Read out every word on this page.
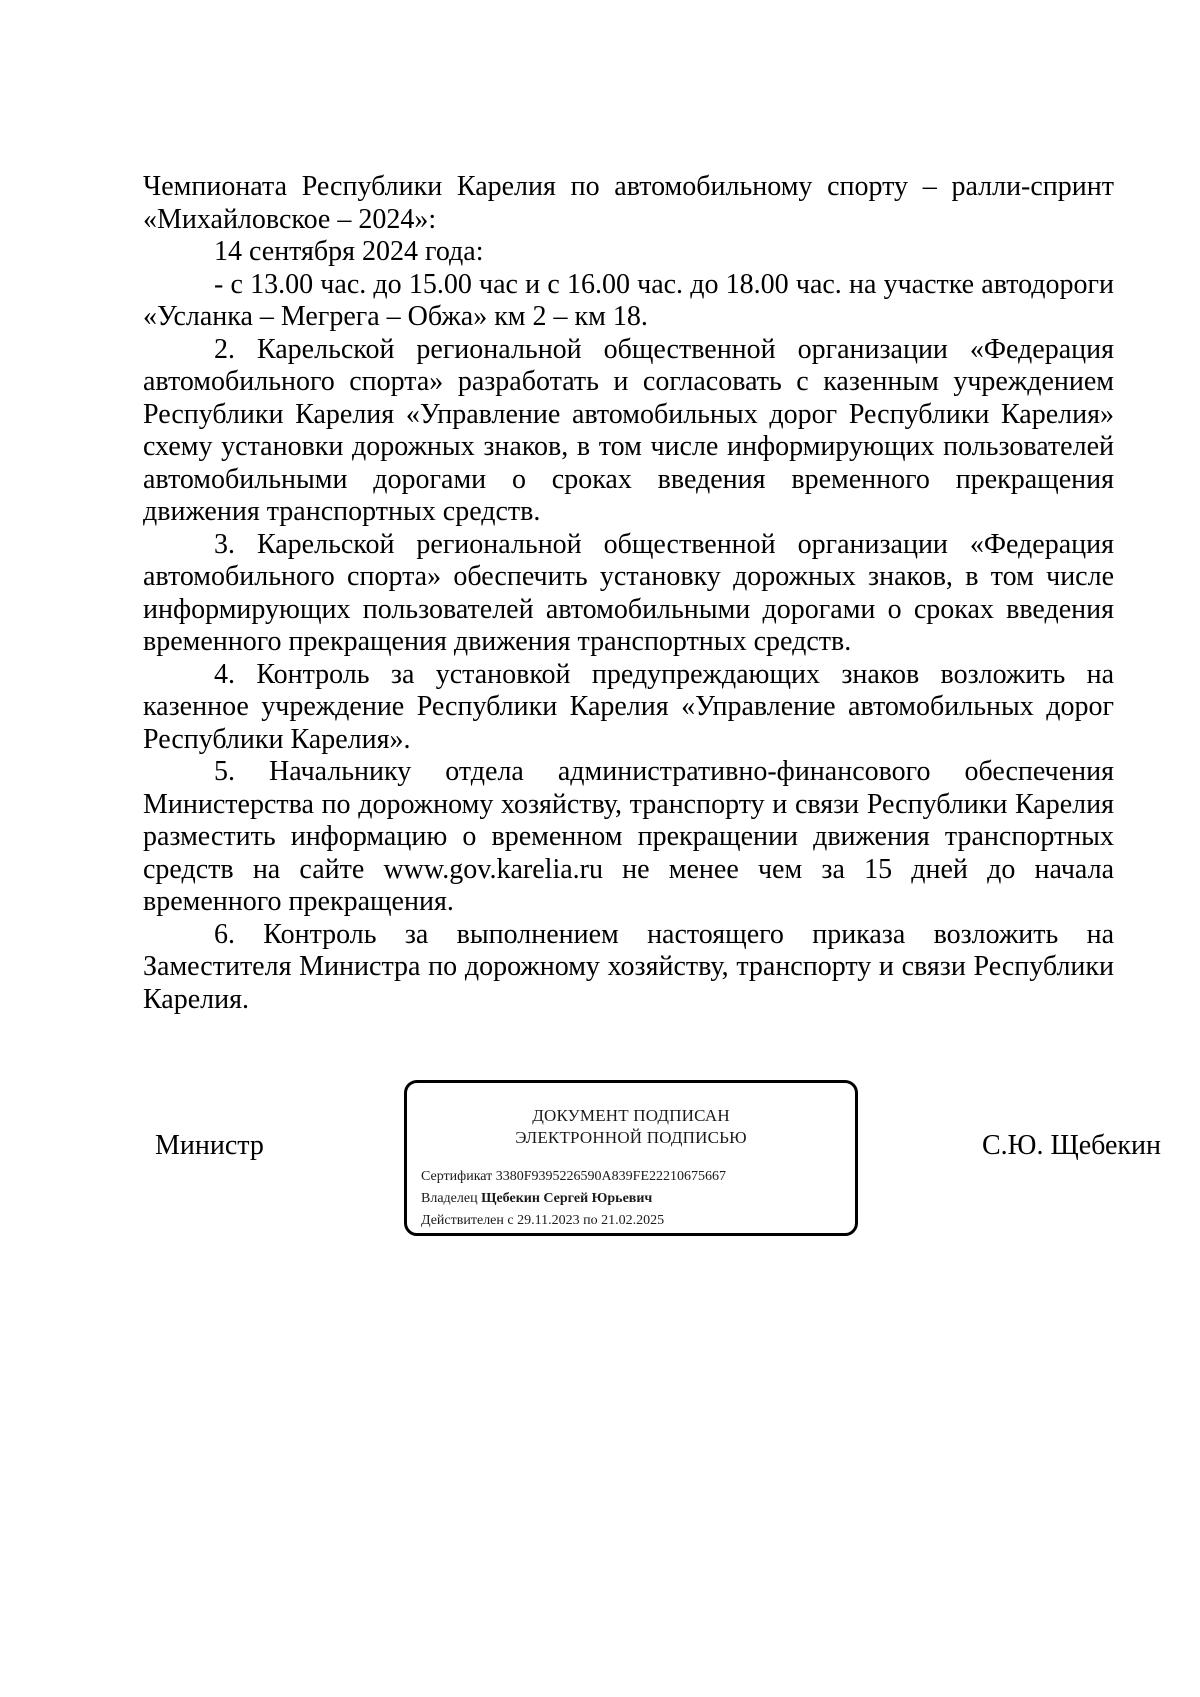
Чемпионата Республики Карелия по автомобильному спорту – ралли-спринт «Михайловское – 2024»:

14 сентября 2024 года:

- с 13.00 час. до 15.00 час и с 16.00 час. до 18.00 час. на участке автодороги «Усланка – Мегрега – Обжа» км 2 – км 18.

2. Карельской региональной общественной организации «Федерация автомобильного спорта» разработать и согласовать с казенным учреждением Республики Карелия «Управление автомобильных дорог Республики Карелия» схему установки дорожных знаков, в том числе информирующих пользователей автомобильными дорогами о сроках введения временного прекращения движения транспортных средств.

3. Карельской региональной общественной организации «Федерация автомобильного спорта» обеспечить установку дорожных знаков, в том числе информирующих пользователей автомобильными дорогами о сроках введения временного прекращения движения транспортных средств.

4. Контроль за установкой предупреждающих знаков возложить на казенное учреждение Республики Карелия «Управление автомобильных дорог Республики Карелия».

5. Начальнику отдела административно-финансового обеспечения Министерства по дорожному хозяйству, транспорту и связи Республики Карелия разместить информацию о временном прекращении движения транспортных средств на сайте www.gov.karelia.ru не менее чем за 15 дней до начала временного прекращения.

6. Контроль за выполнением настоящего приказа возложить на Заместителя Министра по дорожному хозяйству, транспорту и связи Республики Карелия.

Министр
ДОКУМЕНТ ПОДПИСАН
ЭЛЕКТРОННОЙ ПОДПИСЬЮ
Сертификат 3380F9395226590A839FE22210675667
Владелец Щебекин Сергей Юрьевич
Действителен с 29.11.2023 по 21.02.2025
С.Ю. Щебекин
